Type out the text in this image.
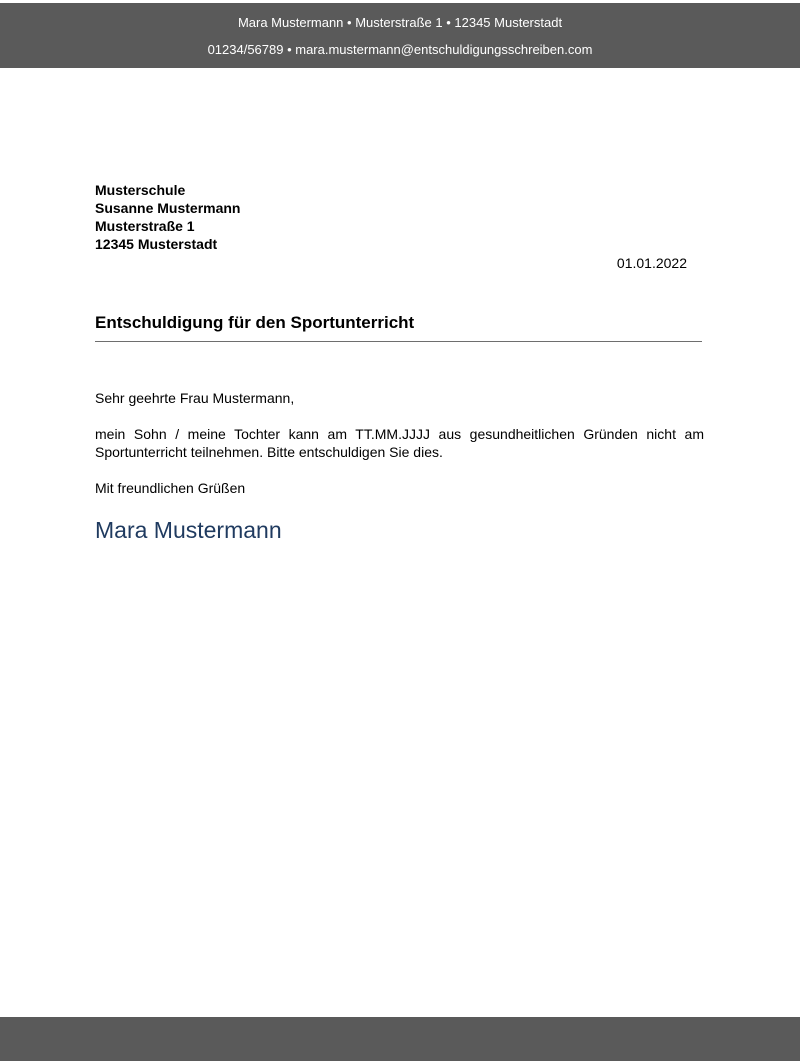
Mara Mustermann • Musterstraße 1 • 12345 Musterstadt
01234/56789 • mara.mustermann@entschuldigungsschreiben.com
Musterschule
Susanne Mustermann
Musterstraße 1
12345 Musterstadt
01.01.2022
Entschuldigung für den Sportunterricht
Sehr geehrte Frau Mustermann,

mein Sohn / meine Tochter kann am TT.MM.JJJJ aus gesundheitlichen Gründen nicht am Sportunterricht teilnehmen. Bitte entschuldigen Sie dies.

Mit freundlichen Grüßen
Mara Mustermann
